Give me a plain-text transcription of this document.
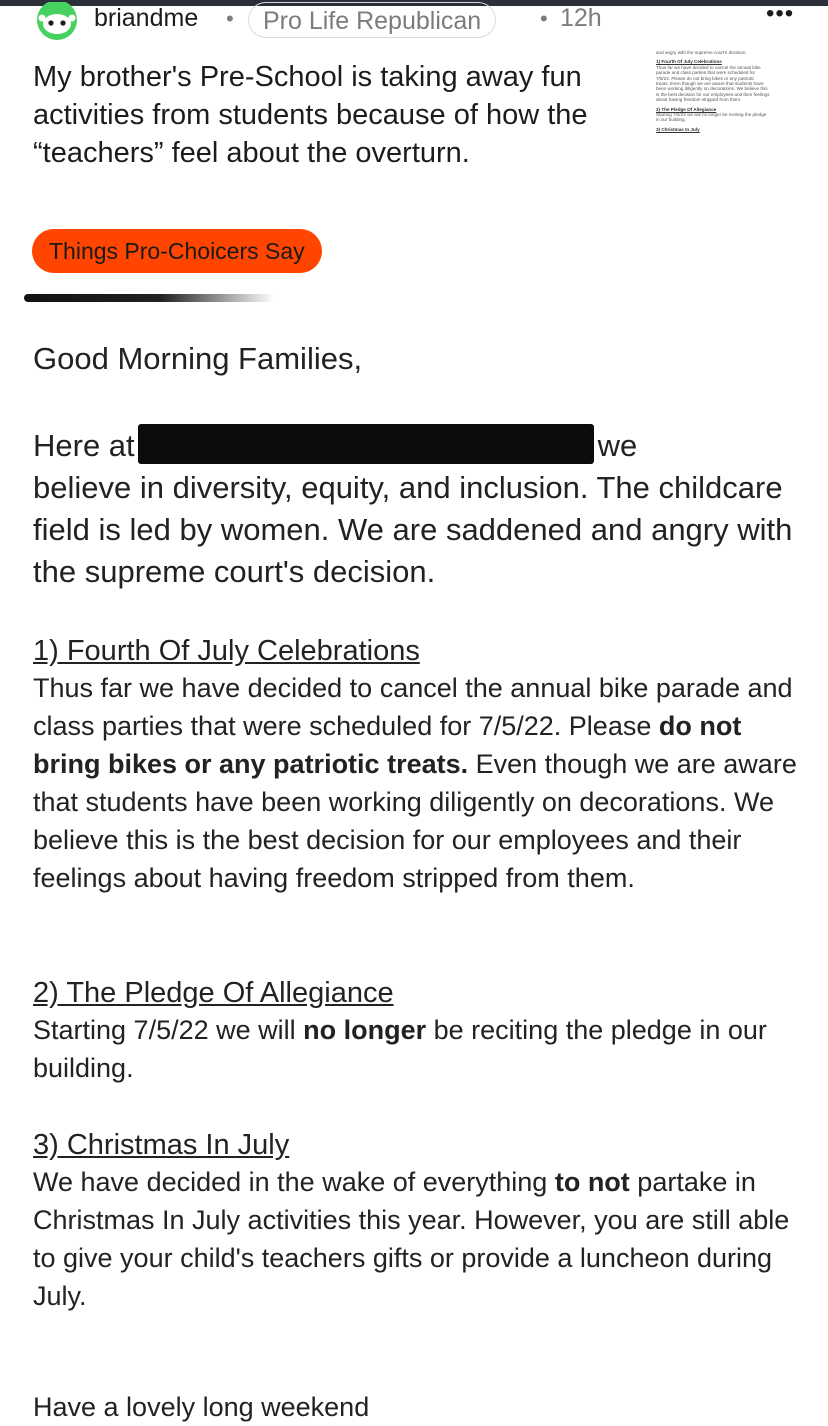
briandme •	Pro Life Republican	• 12h	•••
My brother's Pre-School is taking away fun activities from students because of how the “teachers” feel about the overturn.

and angry with the supreme court's decision.

1) Fourth Of July Celebrations

Thus far we have decided to cancel the annual bike

parade and class parties that were scheduled for

7/5/22. Please do not bring bikes or any patriotic

treats. Even though we are aware that students have

been working diligently on decorations. We believe this

is the best decision for our employees and their feelings

about having freedom stripped from them.

2) The Pledge Of Allegiance

Starting 7/5/22 we will no longer be reciting the pledge

in our building.

3) Christmas In July

Things Pro-Choicers Say

Good Morning Families,

Here at	we
believe in diversity, equity, and inclusion. The childcare field is led by women. We are saddened and angry with the supreme court's decision.

1) Fourth Of July Celebrations

Thus far we have decided to cancel the annual bike parade and class parties that were scheduled for 7/5/22. Please do not bring bikes or any patriotic treats. Even though we are aware that students have been working diligently on decorations. We believe this is the best decision for our employees and their feelings about having freedom stripped from them.

2) The Pledge Of Allegiance

Starting 7/5/22 we will no longer be reciting the pledge in our building.

3) Christmas In July

We have decided in the wake of everything to not partake in Christmas In July activities this year. However, you are still able to give your child's teachers gifts or provide a luncheon during July.

Have a lovely long weekend
